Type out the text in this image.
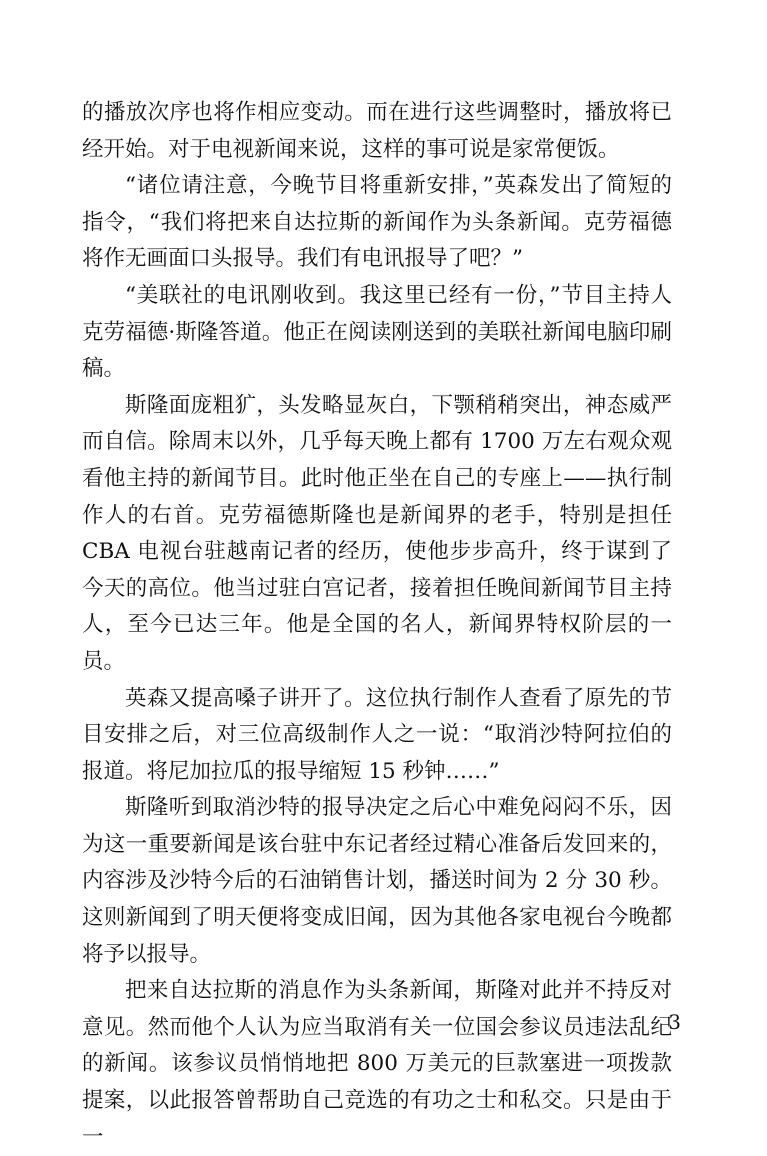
的播放次序也将作相应变动。而在进行这些调整时，播放将已经开始。对于电视新闻来说，这样的事可说是家常便饭。

“诸位请注意，今晚节目将重新安排，”英森发出了简短的指令，“我们将把来自达拉斯的新闻作为头条新闻。克劳福德将作无画面口头报导。我们有电讯报导了吧？”

“美联社的电讯刚收到。我这里已经有一份，”节目主持人克劳福德·斯隆答道。他正在阅读刚送到的美联社新闻电脑印刷稿。

斯隆面庞粗犷，头发略显灰白，下颚稍稍突出，神态威严而自信。除周末以外，几乎每天晚上都有 1700 万左右观众观看他主持的新闻节目。此时他正坐在自己的专座上——执行制作人的右首。克劳福德斯隆也是新闻界的老手，特别是担任 CBA 电视台驻越南记者的经历，使他步步高升，终于谋到了今天的高位。他当过驻白宫记者，接着担任晚间新闻节目主持人，至今已达三年。他是全国的名人，新闻界特权阶层的一员。

英森又提高嗓子讲开了。这位执行制作人查看了原先的节目安排之后，对三位高级制作人之一说：“取消沙特阿拉伯的报道。将尼加拉瓜的报导缩短 15 秒钟……”

斯隆听到取消沙特的报导决定之后心中难免闷闷不乐，因为这一重要新闻是该台驻中东记者经过精心准备后发回来的，内容涉及沙特今后的石油销售计划，播送时间为 2 分 30 秒。这则新闻到了明天便将变成旧闻，因为其他各家电视台今晚都将予以报导。

把来自达拉斯的消息作为头条新闻，斯隆对此并不持反对意见。然而他个人认为应当取消有关一位国会参议员违法乱纪的新闻。该参议员悄悄地把 800 万美元的巨款塞进一项拨款提案，以此报答曾帮助自己竞选的有功之士和私交。只是由于一

3
